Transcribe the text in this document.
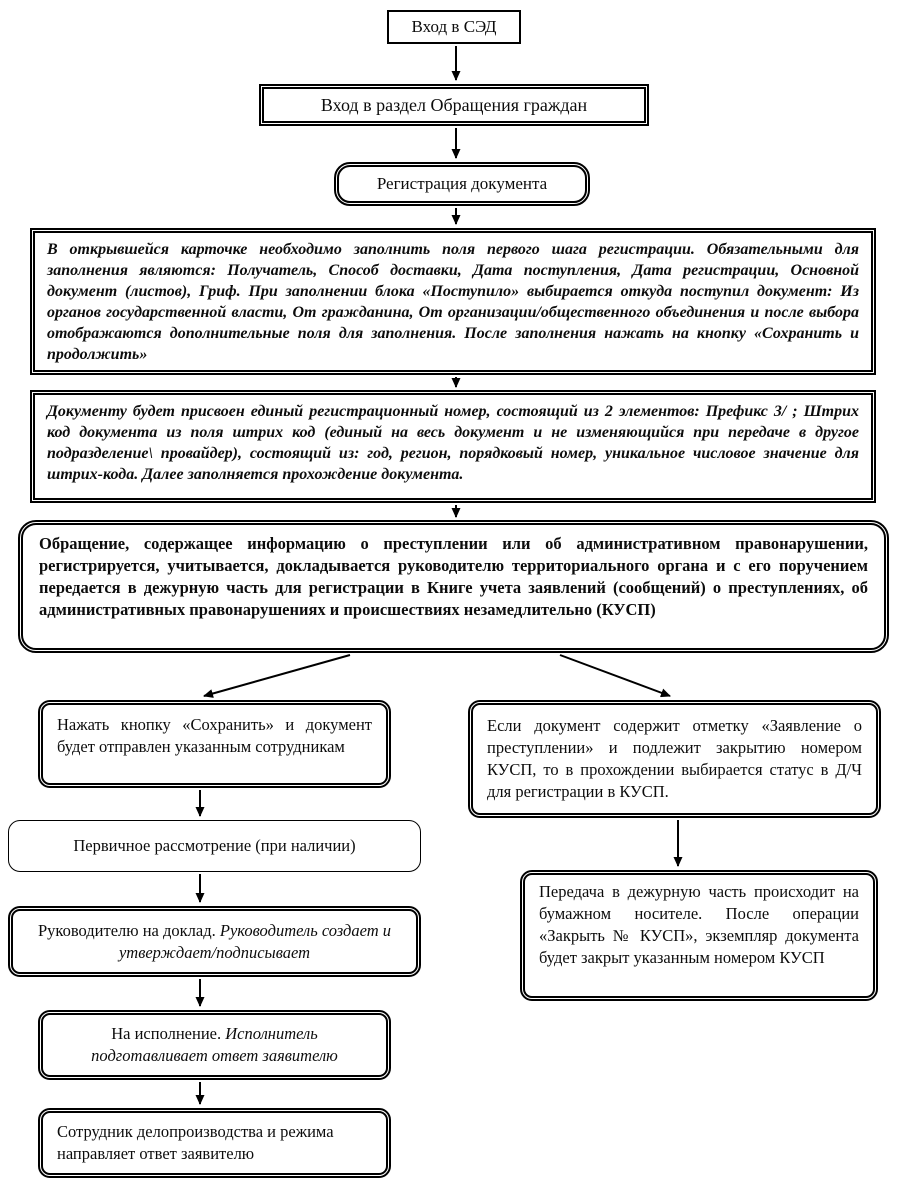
Вход в СЭД
Вход в раздел Обращения граждан
Регистрация документа
В открывшейся карточке необходимо заполнить поля первого шага регистрации. Обязательными для заполнения являются: Получатель, Способ доставки, Дата поступления, Дата регистрации, Основной документ (листов), Гриф. При заполнении блока «Поступило» выбирается откуда поступил документ: Из органов государственной власти, От гражданина, От организации/общественного объединения и после выбора отображаются дополнительные поля для заполнения. После заполнения нажать на кнопку «Сохранить и продолжить»
Документу будет присвоен единый регистрационный номер, состоящий из 2 элементов: Префикс 3/ ; Штрих код документа из поля штрих код (единый на весь документ и не изменяющийся при передаче в другое подразделение\ провайдер), состоящий из: год, регион, порядковый номер, уникальное числовое значение для штрих-кода. Далее заполняется прохождение документа.
Обращение, содержащее информацию о преступлении или об административном правонарушении, регистрируется, учитывается, докладывается руководителю территориального органа и с его поручением передается в дежурную часть для регистрации в Книге учета заявлений (сообщений) о преступлениях, об административных правонарушениях и происшествиях незамедлительно (КУСП)
Нажать кнопку «Сохранить» и документ будет отправлен указанным сотрудникам
Первичное рассмотрение (при наличии)
Руководителю на доклад. Руководитель создает и утверждает/подписывает
На исполнение. Исполнитель подготавливает ответ заявителю
Сотрудник делопроизводства и режима направляет ответ заявителю
Если документ содержит отметку «Заявление о преступлении» и подлежит закрытию номером КУСП, то в прохождении выбирается статус в Д/Ч для регистрации в КУСП.
Передача в дежурную часть происходит на бумажном носителе. После операции «Закрыть № КУСП», экземпляр документа будет закрыт указанным номером КУСП
